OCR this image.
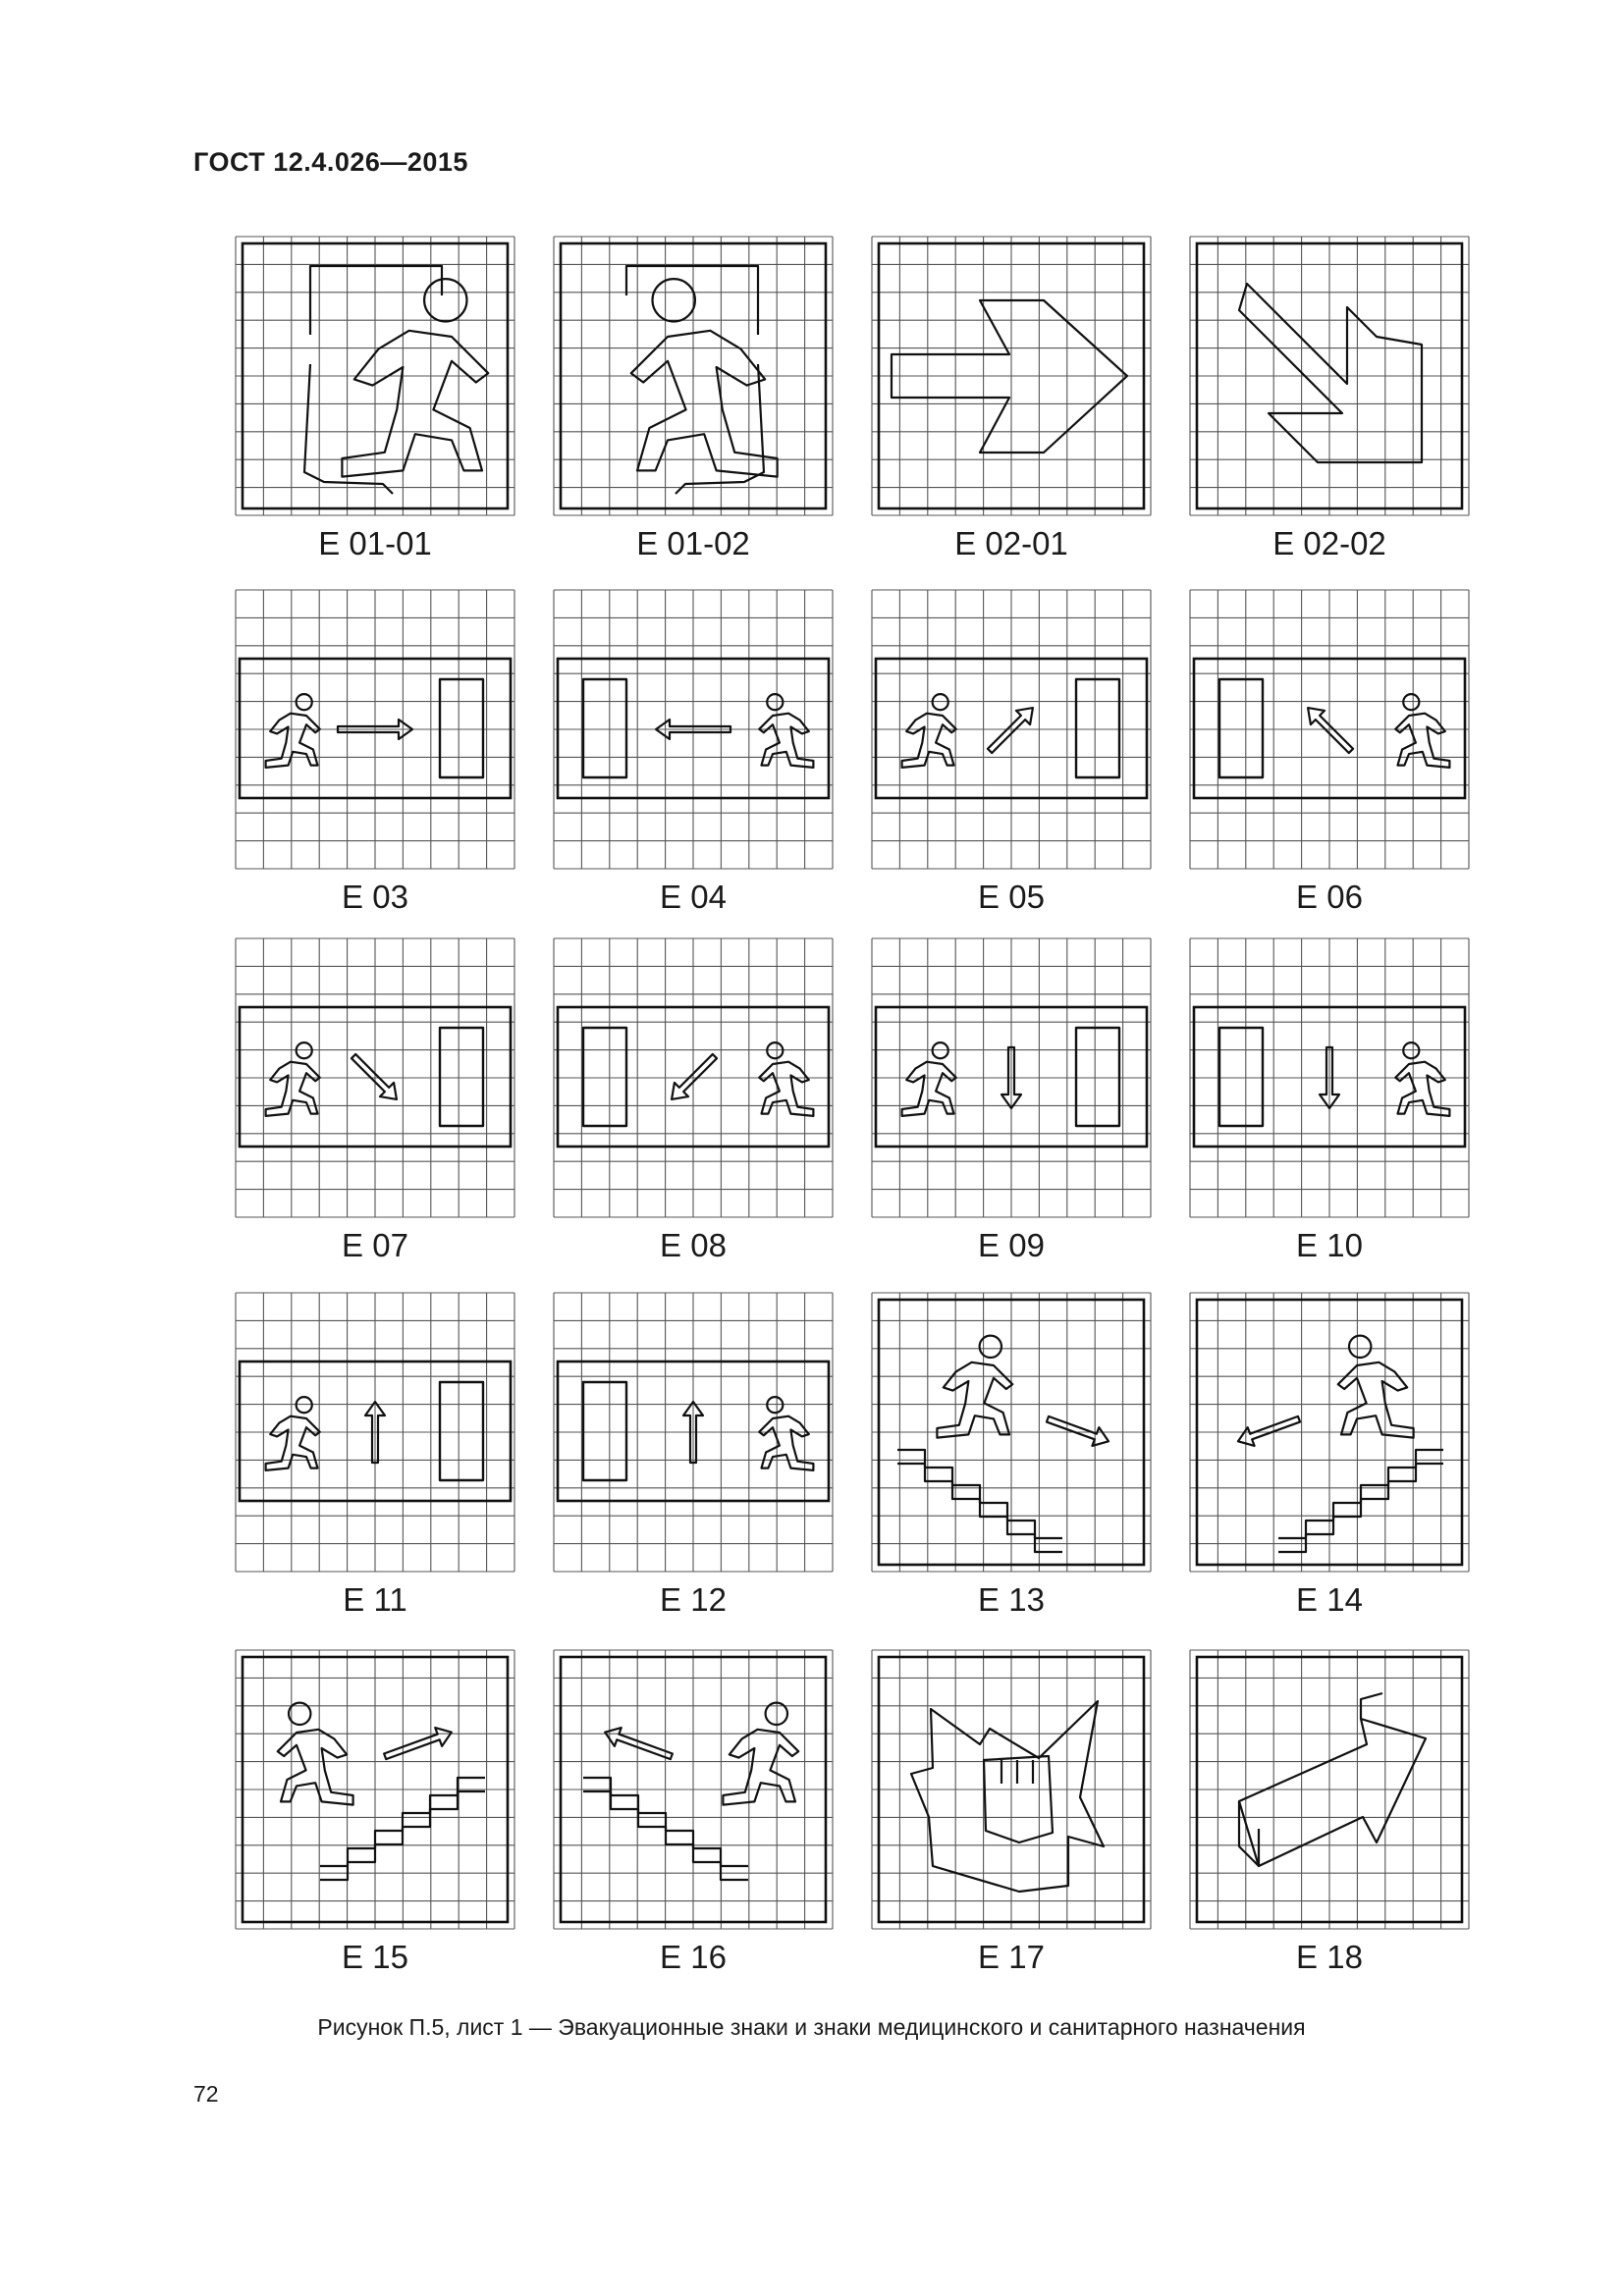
ГОСТ 12.4.026—2015
E 01-01	E 01-02	E 02-01	E 02-02
E 03	E 04	E 05	E 06
E 07	E 08	E 09	E 10
E 11	E 12	E 13	E 14
E 15	E 16	E 17	E 18
Рисунок П.5, лист 1 — Эвакуационные знаки и знаки медицинского и санитарного назначения
72
